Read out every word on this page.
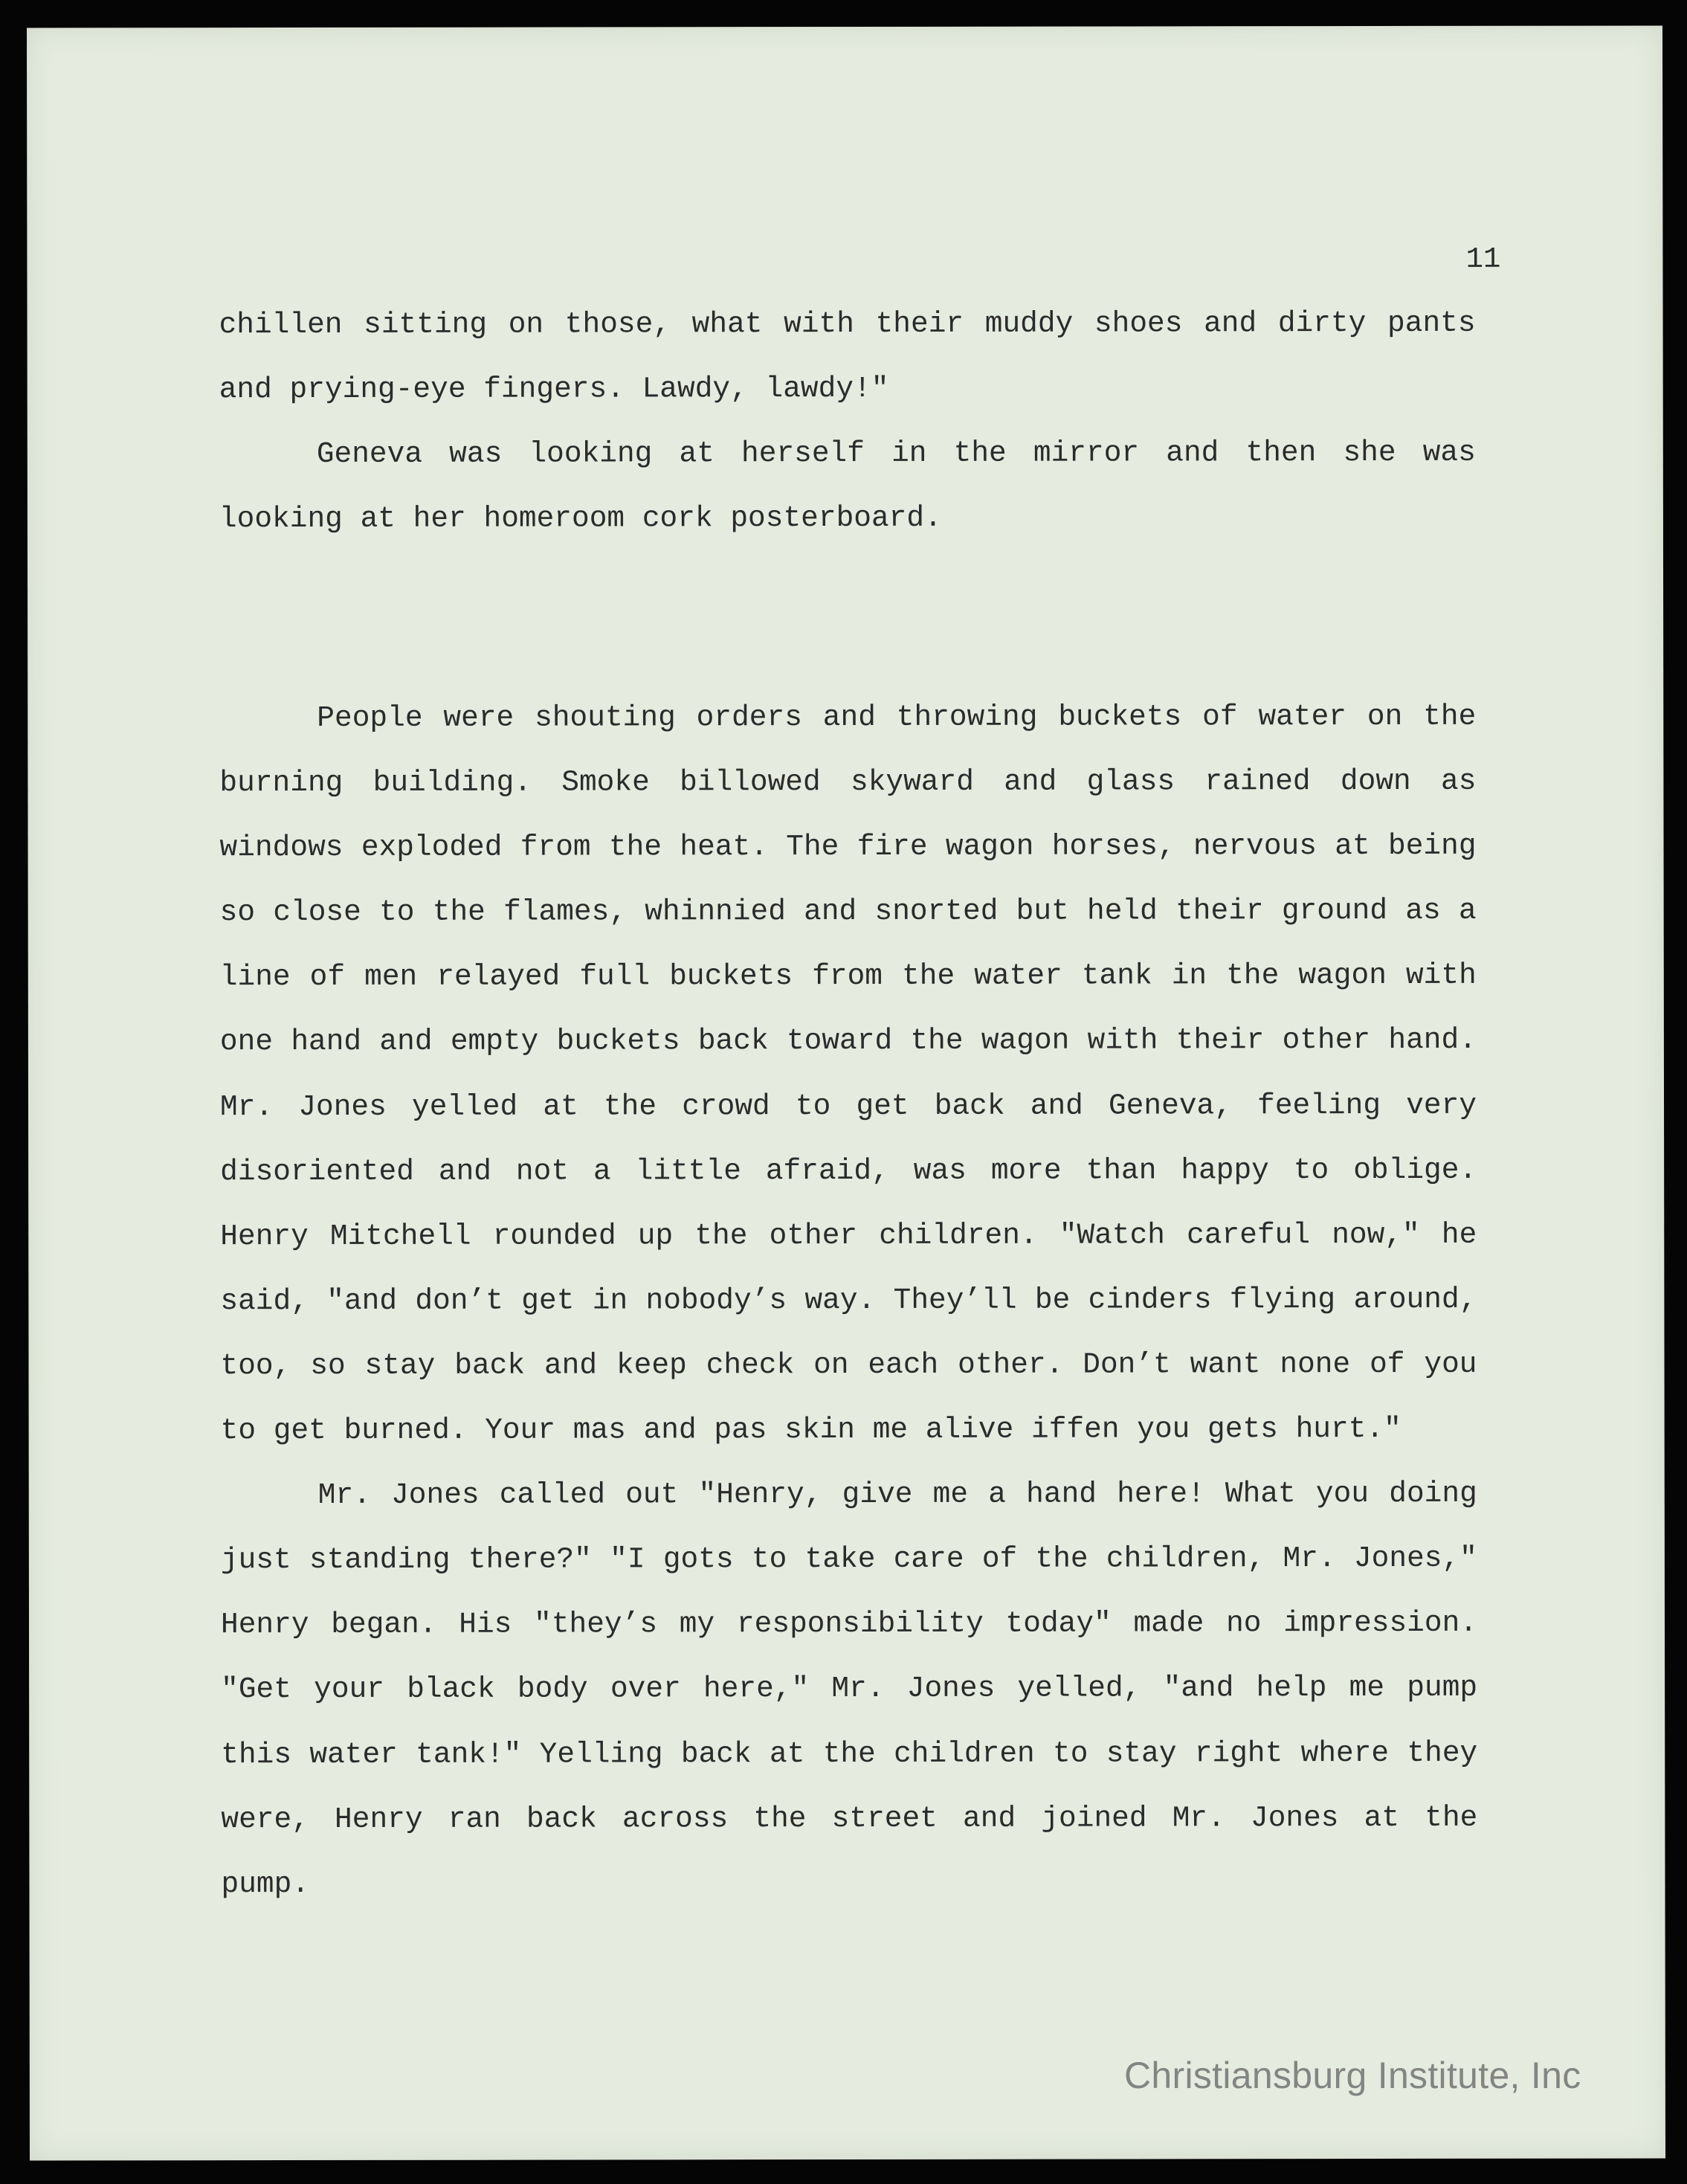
11

chillen sitting on those, what with their muddy shoes and dirty pants and prying-eye fingers. Lawdy, lawdy!"

Geneva was looking at herself in the mirror and then she was looking at her homeroom cork posterboard.

People were shouting orders and throwing buckets of water on the burning building. Smoke billowed skyward and glass rained down as windows exploded from the heat. The fire wagon horses, nervous at being so close to the flames, whinnied and snorted but held their ground as a line of men relayed full buckets from the water tank in the wagon with one hand and empty buckets back toward the wagon with their other hand. Mr. Jones yelled at the crowd to get back and Geneva, feeling very disoriented and not a little afraid, was more than happy to oblige. Henry Mitchell rounded up the other children. "Watch careful now," he said, "and don’t get in nobody’s way. They’ll be cinders flying around, too, so stay back and keep check on each other. Don’t want none of you to get burned. Your mas and pas skin me alive iffen you gets hurt."

Mr. Jones called out "Henry, give me a hand here! What you doing just standing there?" "I gots to take care of the children, Mr. Jones," Henry began. His "they’s my responsibility today" made no impression. "Get your black body over here," Mr. Jones yelled, "and help me pump this water tank!" Yelling back at the children to stay right where they were, Henry ran back across the street and joined Mr. Jones at the pump.

Christiansburg Institute, Inc
